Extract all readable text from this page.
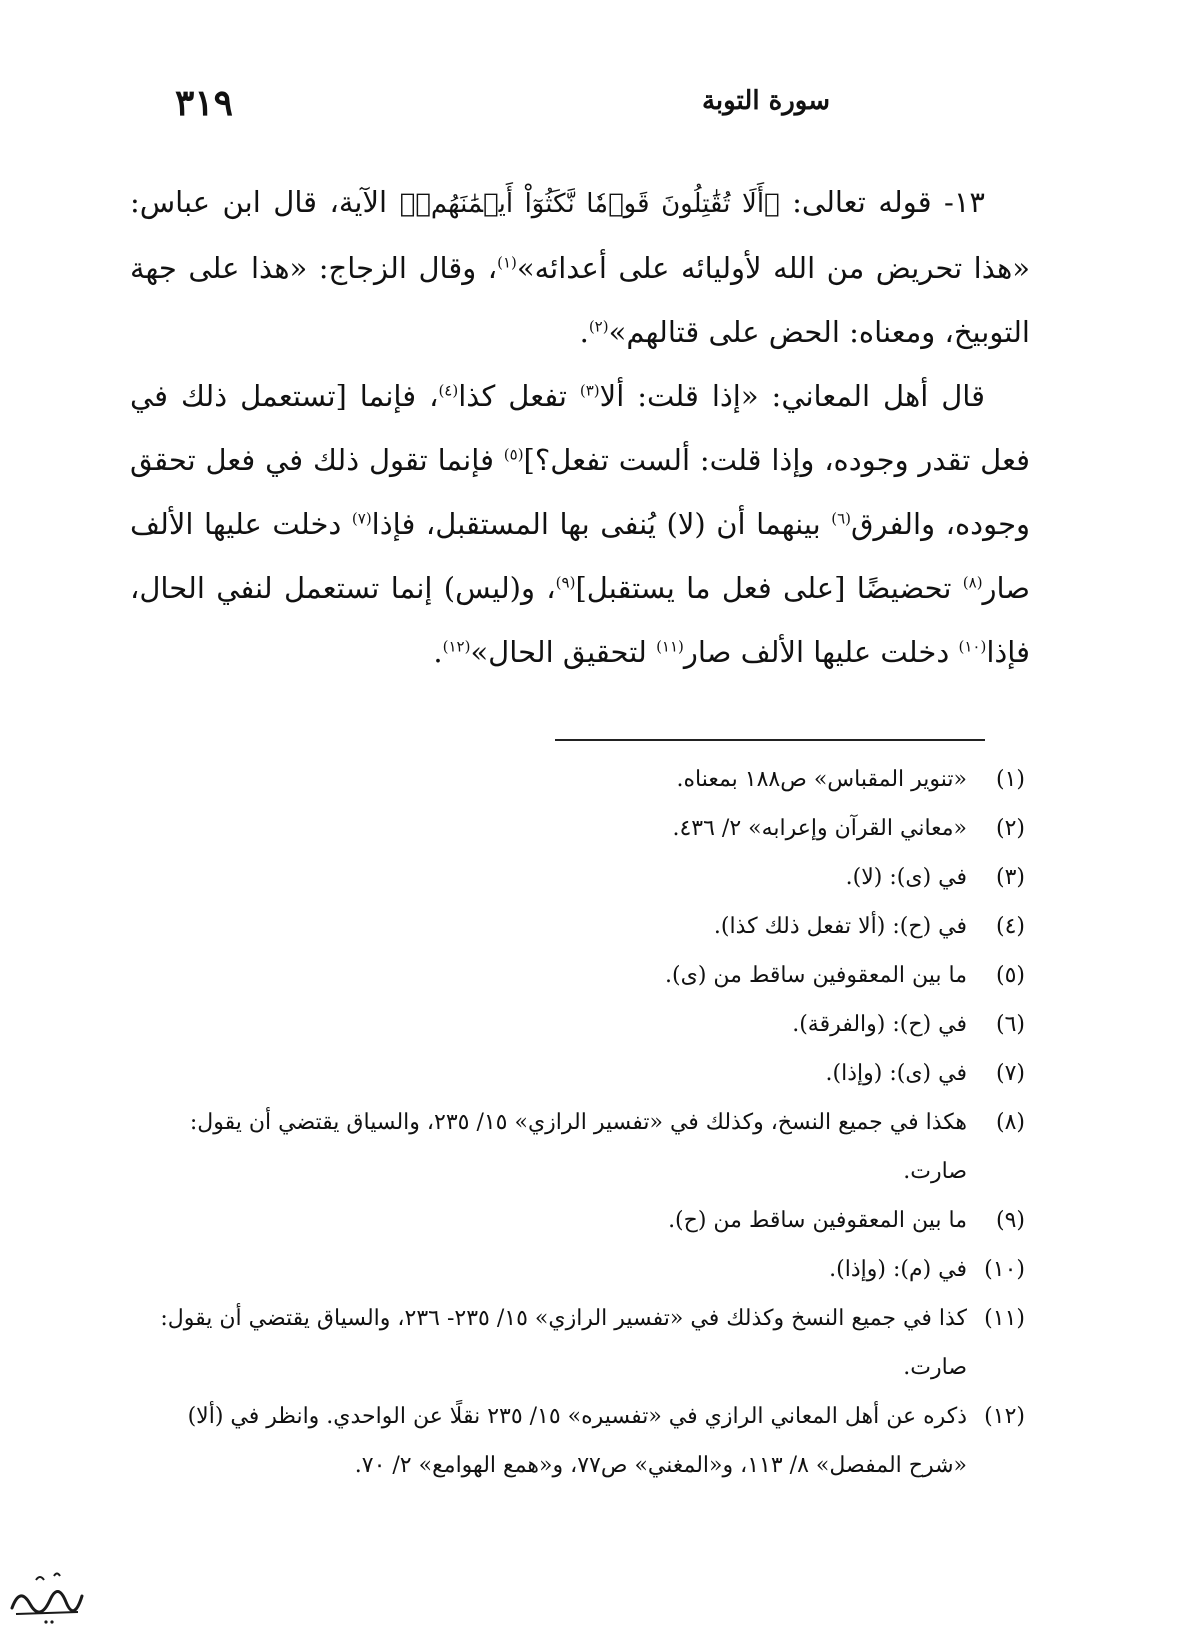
سورة التوبة
٣١٩

١٣- قوله تعالى: ﴿أَلَا تُقَٰتِلُونَ قَوۡمٗا نَّكَثُوٓاْ أَيۡمَٰنَهُمۡ﴾ الآية، قال ابن عباس: «هذا تحريض من الله لأوليائه على أعدائه»$^{(١)}$، وقال الزجاج: «هذا على جهة التوبيخ، ومعناه: الحض على قتالهم»$^{(٢)}$.

قال أهل المعاني: «إذا قلت: ألا$^{(٣)}$ تفعل كذا$^{(٤)}$، فإنما [تستعمل ذلك في فعل تقدر وجوده، وإذا قلت: ألست تفعل؟]$^{(٥)}$ فإنما تقول ذلك في فعل تحقق وجوده، والفرق$^{(٦)}$ بينهما أن (لا) يُنفى بها المستقبل، فإذا$^{(٧)}$ دخلت عليها الألف صار$^{(٨)}$ تحضيضًا [على فعل ما يستقبل]$^{(٩)}$، و(ليس) إنما تستعمل لنفي الحال، فإذا$^{(١٠)}$ دخلت عليها الألف صار$^{(١١)}$ لتحقيق الحال»$^{(١٢)}$.

(١)
«تنوير المقباس» ص١٨٨ بمعناه.
(٢)
«معاني القرآن وإعرابه» ٢/ ٤٣٦.
(٣)
في (ى): (لا).
(٤)
في (ح): (ألا تفعل ذلك كذا).
(٥)
ما بين المعقوفين ساقط من (ى).
(٦)
في (ح): (والفرقة).
(٧)
في (ى): (وإذا).
(٨)
هكذا في جميع النسخ، وكذلك في «تفسير الرازي» ١٥/ ٢٣٥، والسياق يقتضي أن يقول: صارت.
(٩)
ما بين المعقوفين ساقط من (ح).
(١٠)
في (م): (وإذا).
(١١)
كذا في جميع النسخ وكذلك في «تفسير الرازي» ١٥/ ٢٣٥- ٢٣٦، والسياق يقتضي أن يقول: صارت.
(١٢)
ذكره عن أهل المعاني الرازي في «تفسيره» ١٥/ ٢٣٥ نقلًا عن الواحدي. وانظر في (ألا) «شرح المفصل» ٨/ ١١٣، و«المغني» ص٧٧، و«همع الهوامع» ٢/ ٧٠.
